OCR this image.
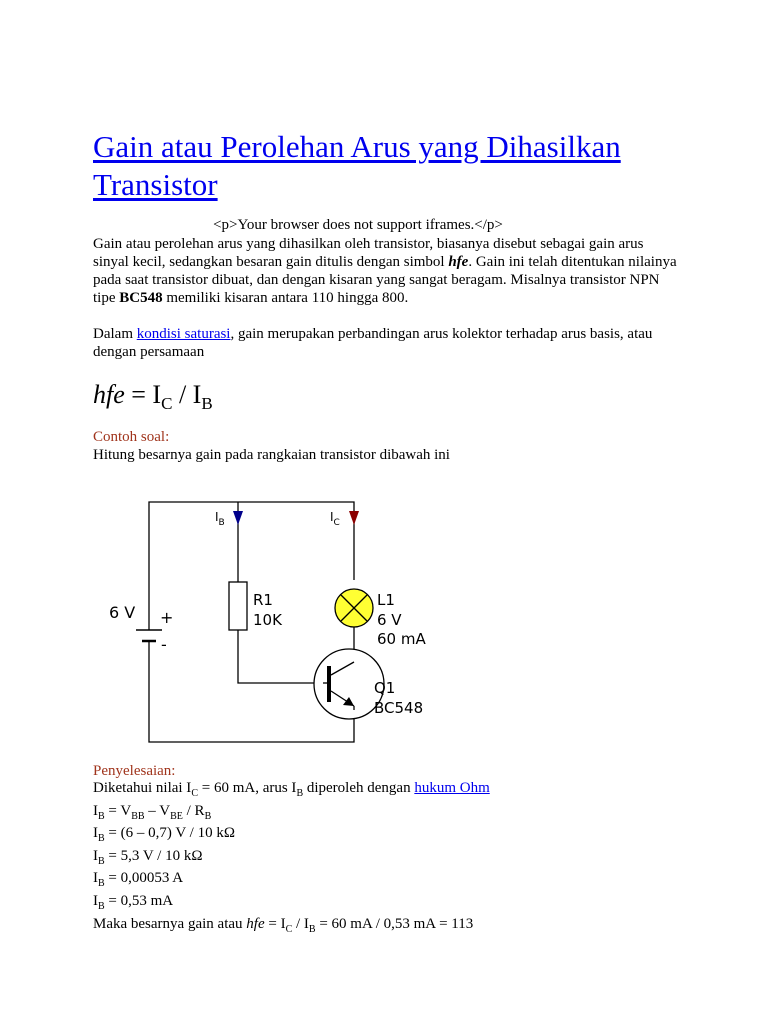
Gain atau Perolehan Arus yang Dihasilkan Transistor
<p>Your browser does not support iframes.</p>

Gain atau perolehan arus yang dihasilkan oleh transistor, biasanya disebut sebagai gain arus sinyal kecil, sedangkan besaran gain ditulis dengan simbol hfe. Gain ini telah ditentukan nilainya pada saat transistor dibuat, dan dengan kisaran yang sangat beragam. Misalnya transistor NPN tipe BC548 memiliki kisaran antara 110 hingga 800.

Dalam kondisi saturasi, gain merupakan perbandingan arus kolektor terhadap arus basis, atau dengan persamaan

hfe = $I_C / I_B$
Contoh soal:
Hitung besarnya gain pada rangkaian transistor dibawah ini
6 V +
-
$I_B$	$I_C$
R1
10K
L1
6 V
60 mA
Q1
BC548
Penyelesaian:
Diketahui nilai $I_C = 60$ mA, arus $I_B$ diperoleh dengan hukum Ohm
$I_B = V_{BB} - V_{BE} / R_B$
$I_B = (6 - 0,7)$ V / 10 kΩ
$I_B = 5,3$ V / 10 kΩ
$I_B = 0,00053$ A
$I_B = 0,53$ mA
Maka besarnya gain atau hfe = $I_C / I_B = 60$ mA / 0,53 mA = 113
